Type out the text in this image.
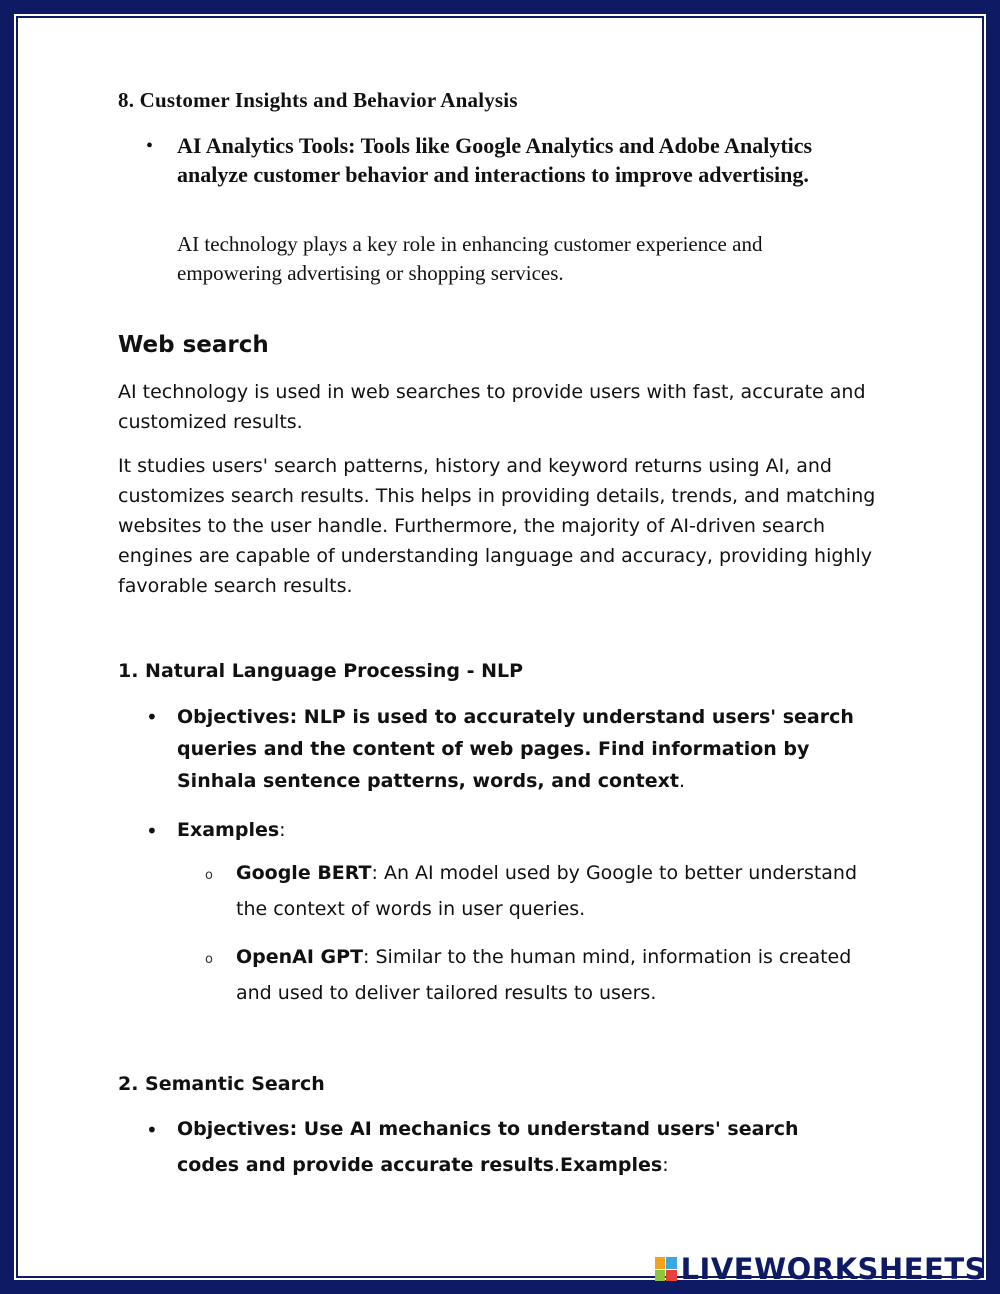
8. Customer Insights and Behavior Analysis
• AI Analytics Tools: Tools like Google Analytics and Adobe Analytics analyze customer behavior and interactions to improve advertising.

AI technology plays a key role in enhancing customer experience and empowering advertising or shopping services.

Web search

AI technology is used in web searches to provide users with fast, accurate and customized results.

It studies users' search patterns, history and keyword returns using AI, and customizes search results. This helps in providing details, trends, and matching websites to the user handle. Furthermore, the majority of AI-driven search engines are capable of understanding language and accuracy, providing highly favorable search results.

1. Natural Language Processing - NLP
• Objectives: NLP is used to accurately understand users' search queries and the content of web pages. Find information by Sinhala sentence patterns, words, and context.

• Examples:

o Google BERT: An AI model used by Google to better understand the context of words in user queries.

o OpenAI GPT: Similar to the human mind, information is created and used to deliver tailored results to users.

2. Semantic Search
• Objectives: Use AI mechanics to understand users' search codes and provide accurate results.Examples:

LIVEWORKSHEETS
